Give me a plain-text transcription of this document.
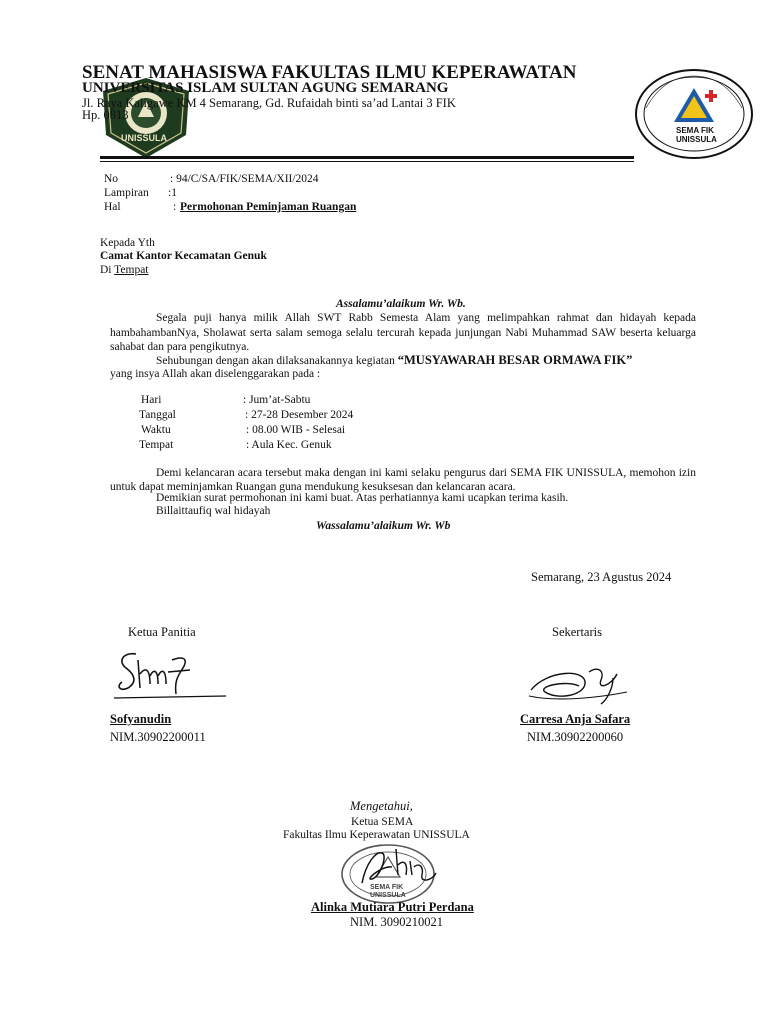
UNISSULA
SENAT MAHASISWA FAKULTAS ILMU KEPERAWATAN
UNIVERSITAS ISLAM SULTAN AGUNG SEMARANG
Jl. Raya Kaligawe KM 4 Semarang, Gd. Rufaidah binti sa’ad Lantai 3 FIK
Hp. 0813
SEMA FIK
UNISSULA
No	: 94/C/SA/FIK/SEMA/XII/2024
Lampiran :1
Hal	: Permohonan Peminjaman Ruangan
Kepada Yth
Camat Kantor Kecamatan Genuk
Di Tempat
Assalamu’alaikum Wr. Wb.
Segala puji hanya milik Allah SWT Rabb Semesta Alam yang melimpahkan rahmat dan hidayah kepada hambahambanNya, Sholawat serta salam semoga selalu tercurah kepada junjungan Nabi Muhammad SAW beserta keluarga sahabat dan para pengikutnya.
Sehubungan dengan akan dilaksanakannya kegiatan “MUSYAWARAH BESAR ORMAWA FIK”
yang insya Allah akan diselenggarakan pada :
Hari	: Jum’at-Sabtu
Tanggal	: 27-28 Desember 2024
Waktu	: 08.00 WIB - Selesai
Tempat	: Aula Kec. Genuk
Demi kelancaran acara tersebut maka dengan ini kami selaku pengurus dari SEMA FIK UNISSULA, memohon izin untuk dapat meminjamkan Ruangan guna mendukung kesuksesan dan kelancaran acara.
Demikian surat permohonan ini kami buat. Atas perhatiannya kami ucapkan terima kasih.
Billaittaufiq wal hidayah
Wassalamu’alaikum Wr. Wb
Semarang, 23 Agustus 2024
Ketua Panitia
Sofyanudin
NIM.30902200011
Sekertaris
Carresa Anja Safara
NIM.30902200060
Mengetahui,
Ketua SEMA
Fakultas Ilmu Keperawatan UNISSULA
SEMA FIK
UNISSULA
Alinka Mutiara Putri Perdana
NIM. 3090210021
